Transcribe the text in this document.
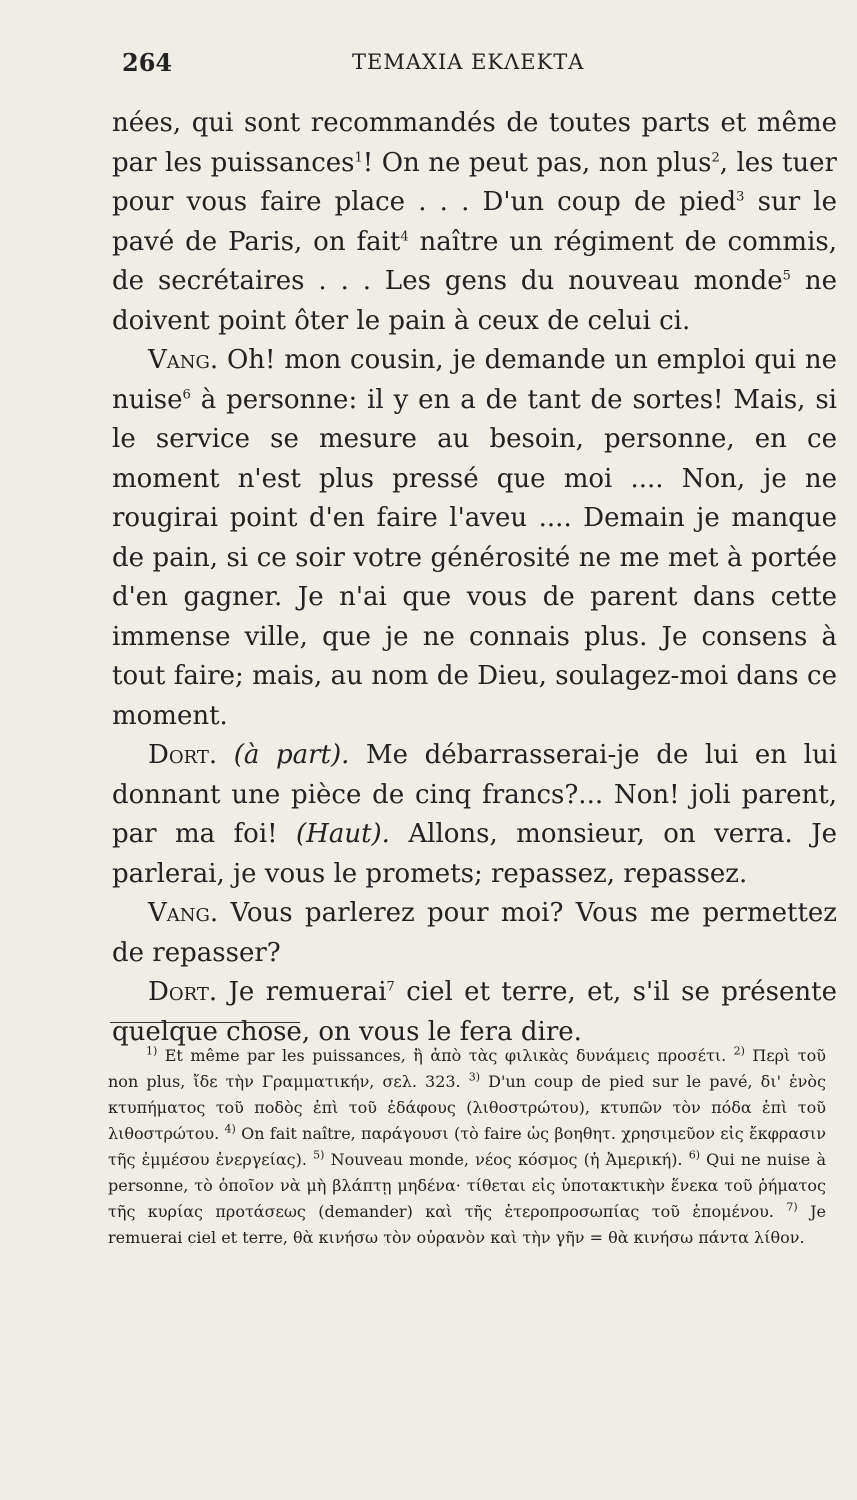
264	ΤΕΜΑΧΙΑ ΕΚΛΕΚΤΑ

nées, qui sont recommandés de toutes parts et même par les puissances$^1$! On ne peut pas, non plus$^2$, les tuer pour vous faire place . . . D'un coup de pied$^3$ sur le pavé de Paris, on fait$^4$ naître un régiment de commis, de secrétaires . . . Les gens du nouveau monde$^5$ ne doivent point ôter le pain à ceux de celui ci.

Vang. Oh! mon cousin, je demande un emploi qui ne nuise$^6$ à personne: il y en a de tant de sortes! Mais, si le service se mesure au besoin, personne, en ce moment n'est plus pressé que moi .... Non, je ne rougirai point d'en faire l'aveu .... Demain je manque de pain, si ce soir votre générosité ne me met à portée d'en gagner. Je n'ai que vous de parent dans cette immense ville, que je ne connais plus. Je consens à tout faire; mais, au nom de Dieu, soulagez-moi dans ce moment.

Dort. (à part). Me débarrasserai-je de lui en lui donnant une pièce de cinq francs?... Non! joli parent, par ma foi! (Haut). Allons, monsieur, on verra. Je parlerai, je vous le promets; repassez, repassez.

Vang. Vous parlerez pour moi? Vous me permettez de repasser?

Dort. Je remuerai$^7$ ciel et terre, et, s'il se présente quelque chose, on vous le fera dire.

$^{1)}$ Et même par les puissances, ἢ ἀπὸ τὰς φιλικὰς δυνάμεις προσέτι. $^{2)}$ Περὶ τοῦ non plus, ἴδε τὴν Γραμματικήν, σελ. 323. $^{3)}$ D'un coup de pied sur le pavé, δι' ἑνὸς κτυπήματος τοῦ ποδὸς ἐπὶ τοῦ ἐδάφους (λιθοστρώτου), κτυπῶν τὸν πόδα ἐπὶ τοῦ λιθοστρώτου. $^{4)}$ On fait naître, παράγουσι (τὸ faire ὡς βοηθητ. χρησιμεῦον εἰς ἔκφρασιν τῆς ἐμμέσου ἐνεργείας). $^{5)}$ Nouveau monde, νέος κόσμος (ἡ Ἀμερική). $^{6)}$ Qui ne nuise à personne, τὸ ὁποῖον νὰ μὴ βλάπτῃ μηδένα· τίθεται εἰς ὑποτακτικὴν ἕνεκα τοῦ ῥήματος τῆς κυρίας προτάσεως (demander) καὶ τῆς ἑτεροπροσωπίας τοῦ ἑπομένου. $^{7)}$ Je remuerai ciel et terre, θὰ κινήσω τὸν οὐρανὸν καὶ τὴν γῆν = θὰ κινήσω πάντα λίθον.
